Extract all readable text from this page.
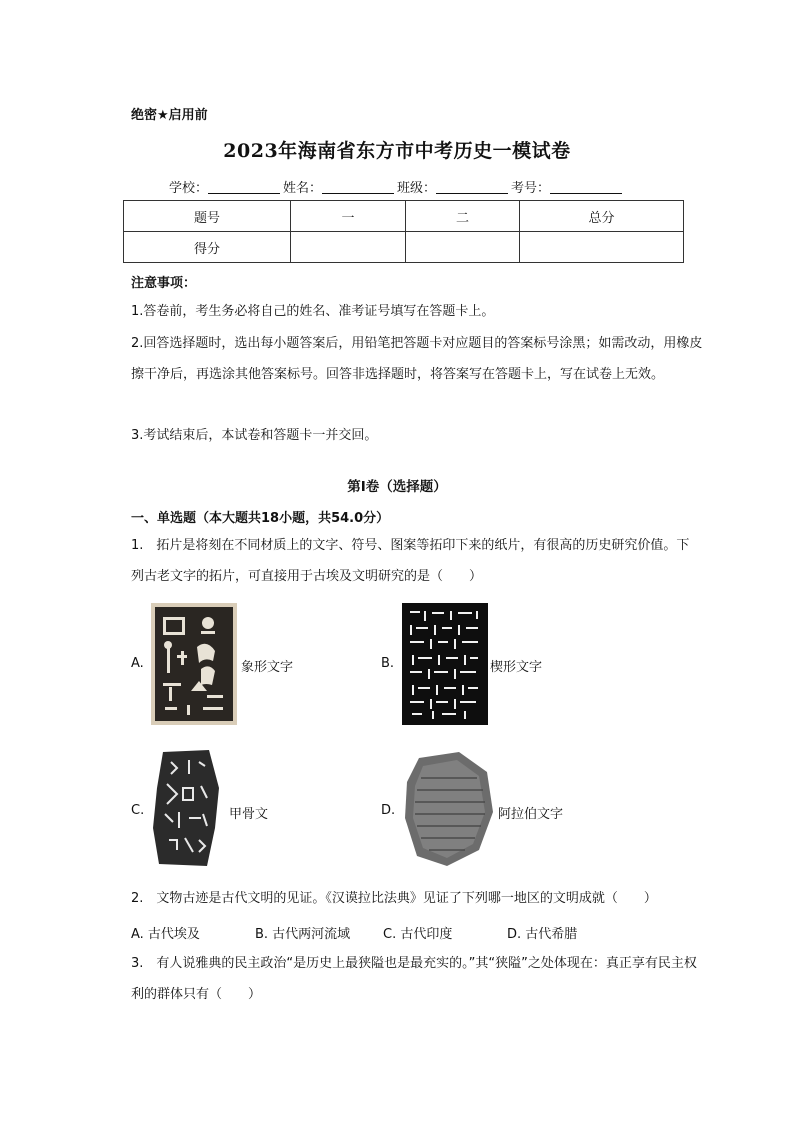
绝密★启用前
2023年海南省东方市中考历史一模试卷
学校：	姓名：	班级：	考号：
题号	一	二	总分
得分			
注意事项：
1.答卷前，考生务必将自己的姓名、准考证号填写在答题卡上。
2.回答选择题时，选出每小题答案后，用铅笔把答题卡对应题目的答案标号涂黑；如需改动，用橡皮擦干净后，再选涂其他答案标号。回答非选择题时，将答案写在答题卡上，写在试卷上无效。
3.考试结束后，本试卷和答题卡一并交回。
第Ⅰ卷（选择题）
一、单选题（本大题共18小题，共54.0分）
1.　拓片是将刻在不同材质上的文字、符号、图案等拓印下来的纸片，有很高的历史研究价值。下列古老文字的拓片，可直接用于古埃及文明研究的是（　　）
A.	象形文字	B.	楔形文字
C.	甲骨文	D.	阿拉伯文字
2.　文物古迹是古代文明的见证。《汉谟拉比法典》见证了下列哪一地区的文明成就（　　）
A. 古代埃及	B. 古代两河流域	C. 古代印度	D. 古代希腊
3.　有人说雅典的民主政治“是历史上最狭隘也是最充实的。”其“狭隘”之处体现在：真正享有民主权利的群体只有（　　）
